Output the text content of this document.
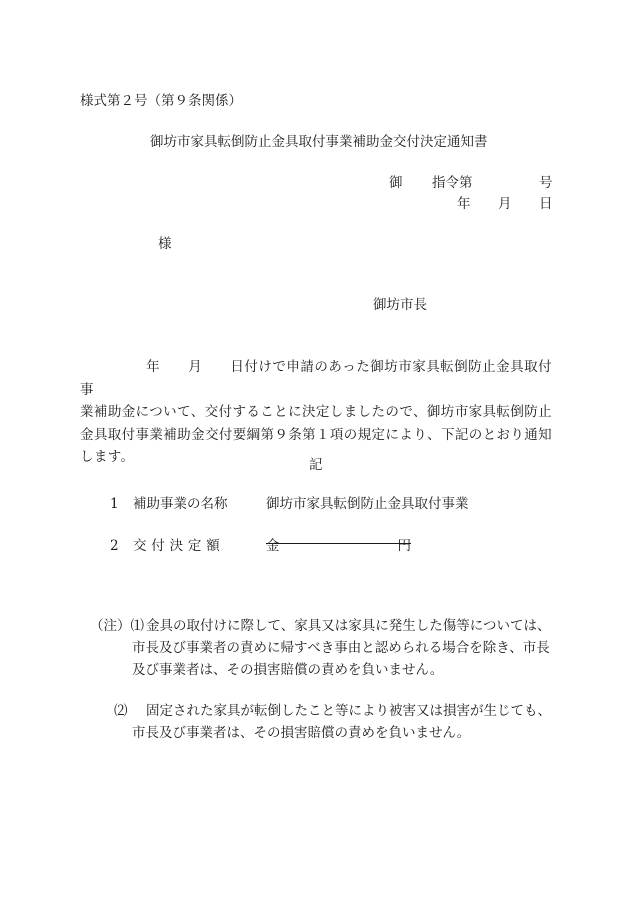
様式第２号（第９条関係）
御坊市家具転倒防止金具取付事業補助金交付決定通知書
御 指令第	号
年 月 日
様
御坊市長
年 月 日付けで申請のあった御坊市家具転倒防止金具取付事
業補助金について、交付することに決定しましたので、御坊市家具転倒防止金具取付事業補助金交付要綱第９条第１項の規定により、下記のとおり通知します。	記
1 補助事業の名称	御坊市家具転倒防止金具取付事業
2 交付決定額	金	円
（注）⑴ 金具の取付けに際して、家具又は家具に発生した傷等については、
市長及び事業者の責めに帰すべき事由と認められる場合を除き、市長
及び事業者は、その損害賠償の責めを負いません。
⑵ 固定された家具が転倒したこと等により被害又は損害が生じても、
市長及び事業者は、その損害賠償の責めを負いません。
